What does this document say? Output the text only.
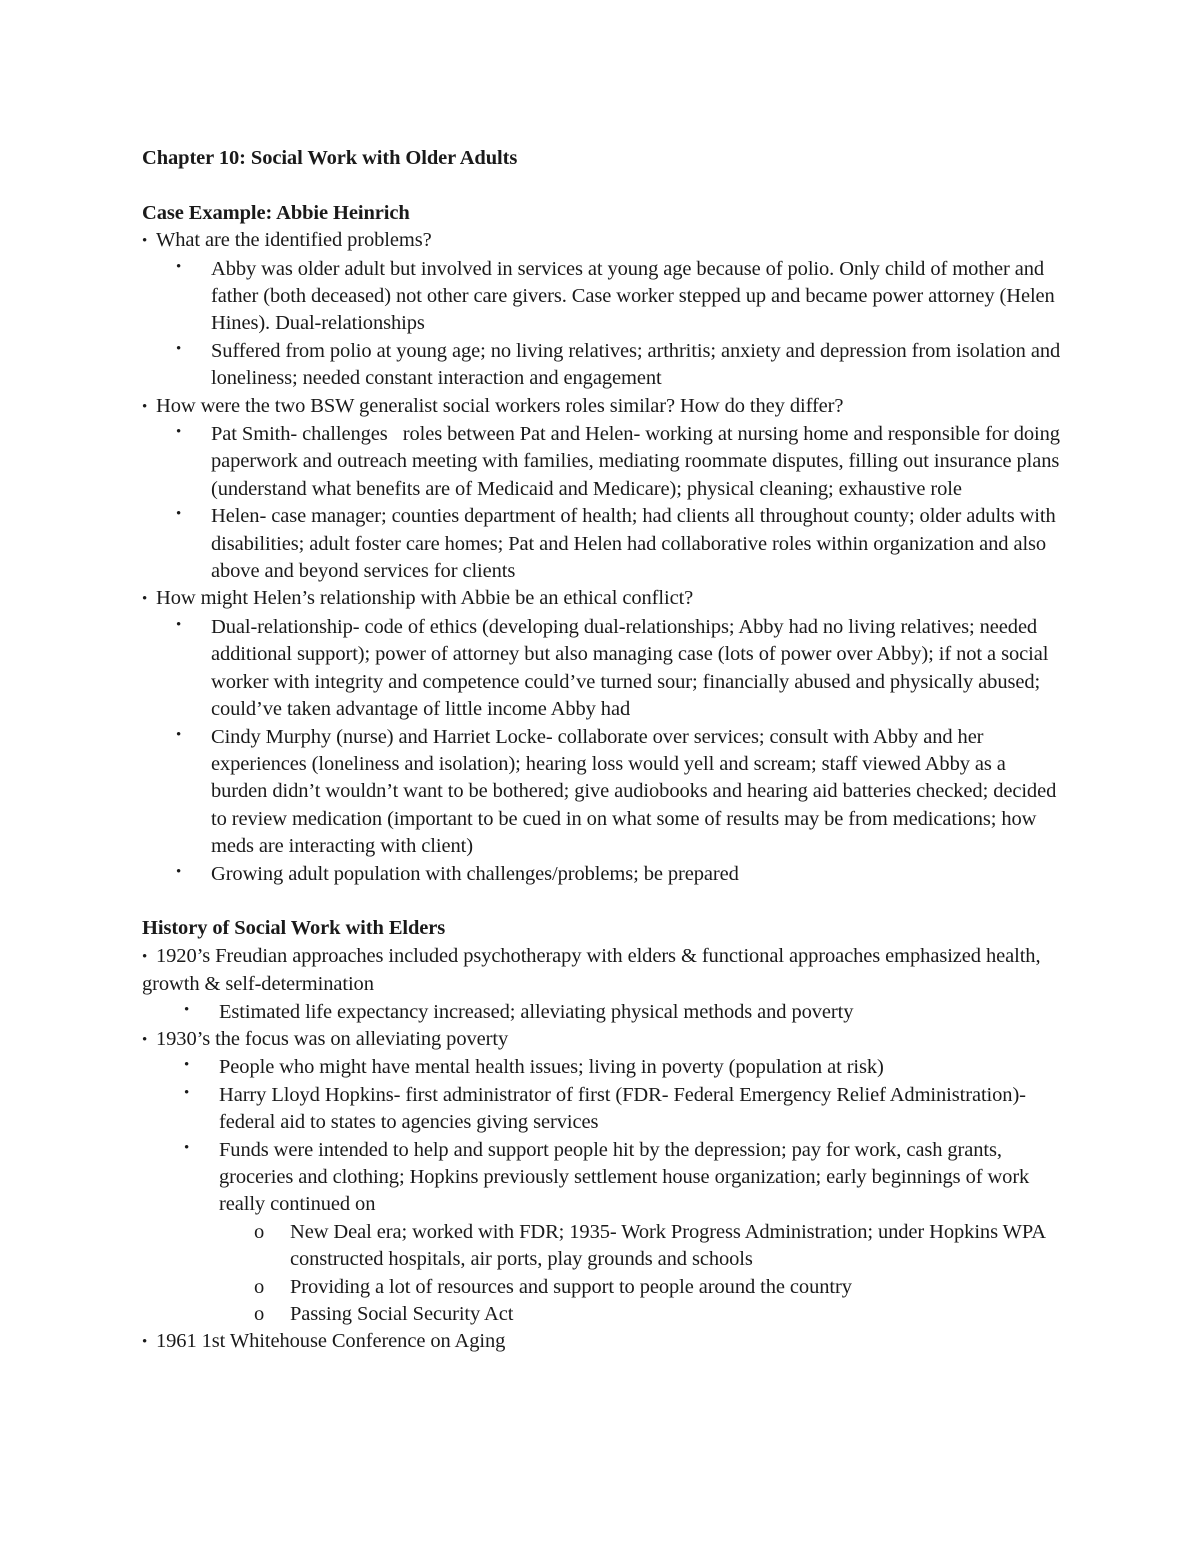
Chapter 10: Social Work with Older Adults

Case Example: Abbie Heinrich

• What are the identified problems?

• Abby was older adult but involved in services at young age because of polio. Only child of mother and father (both deceased) not other care givers. Case worker stepped up and became power attorney (Helen Hines). Dual-relationships

• Suffered from polio at young age; no living relatives; arthritis; anxiety and depression from isolation and loneliness; needed constant interaction and engagement

• How were the two BSW generalist social workers roles similar? How do they differ?

• Pat Smith- challenges   roles between Pat and Helen- working at nursing home and responsible for doing paperwork and outreach meeting with families, mediating roommate disputes, filling out insurance plans (understand what benefits are of Medicaid and Medicare); physical cleaning; exhaustive role

• Helen- case manager; counties department of health; had clients all throughout county; older adults with disabilities; adult foster care homes; Pat and Helen had collaborative roles within organization and also above and beyond services for clients

• How might Helen’s relationship with Abbie be an ethical conflict?

• Dual-relationship- code of ethics (developing dual-relationships; Abby had no living relatives; needed additional support); power of attorney but also managing case (lots of power over Abby); if not a social worker with integrity and competence could’ve turned sour; financially abused and physically abused; could’ve taken advantage of little income Abby had

• Cindy Murphy (nurse) and Harriet Locke- collaborate over services; consult with Abby and her experiences (loneliness and isolation); hearing loss would yell and scream; staff viewed Abby as a burden didn’t wouldn’t want to be bothered; give audiobooks and hearing aid batteries checked; decided to review medication (important to be cued in on what some of results may be from medications; how meds are interacting with client)

• Growing adult population with challenges/problems; be prepared

History of Social Work with Elders

• 1920’s Freudian approaches included psychotherapy with elders & functional approaches emphasized health, growth & self-determination

• Estimated life expectancy increased; alleviating physical methods and poverty

• 1930’s the focus was on alleviating poverty

• People who might have mental health issues; living in poverty (population at risk)

• Harry Lloyd Hopkins- first administrator of first (FDR- Federal Emergency Relief Administration)- federal aid to states to agencies giving services

• Funds were intended to help and support people hit by the depression; pay for work, cash grants, groceries and clothing; Hopkins previously settlement house organization; early beginnings of work really continued on

o New Deal era; worked with FDR; 1935- Work Progress Administration; under Hopkins WPA constructed hospitals, air ports, play grounds and schools

o Providing a lot of resources and support to people around the country

o Passing Social Security Act

• 1961 1st Whitehouse Conference on Aging
